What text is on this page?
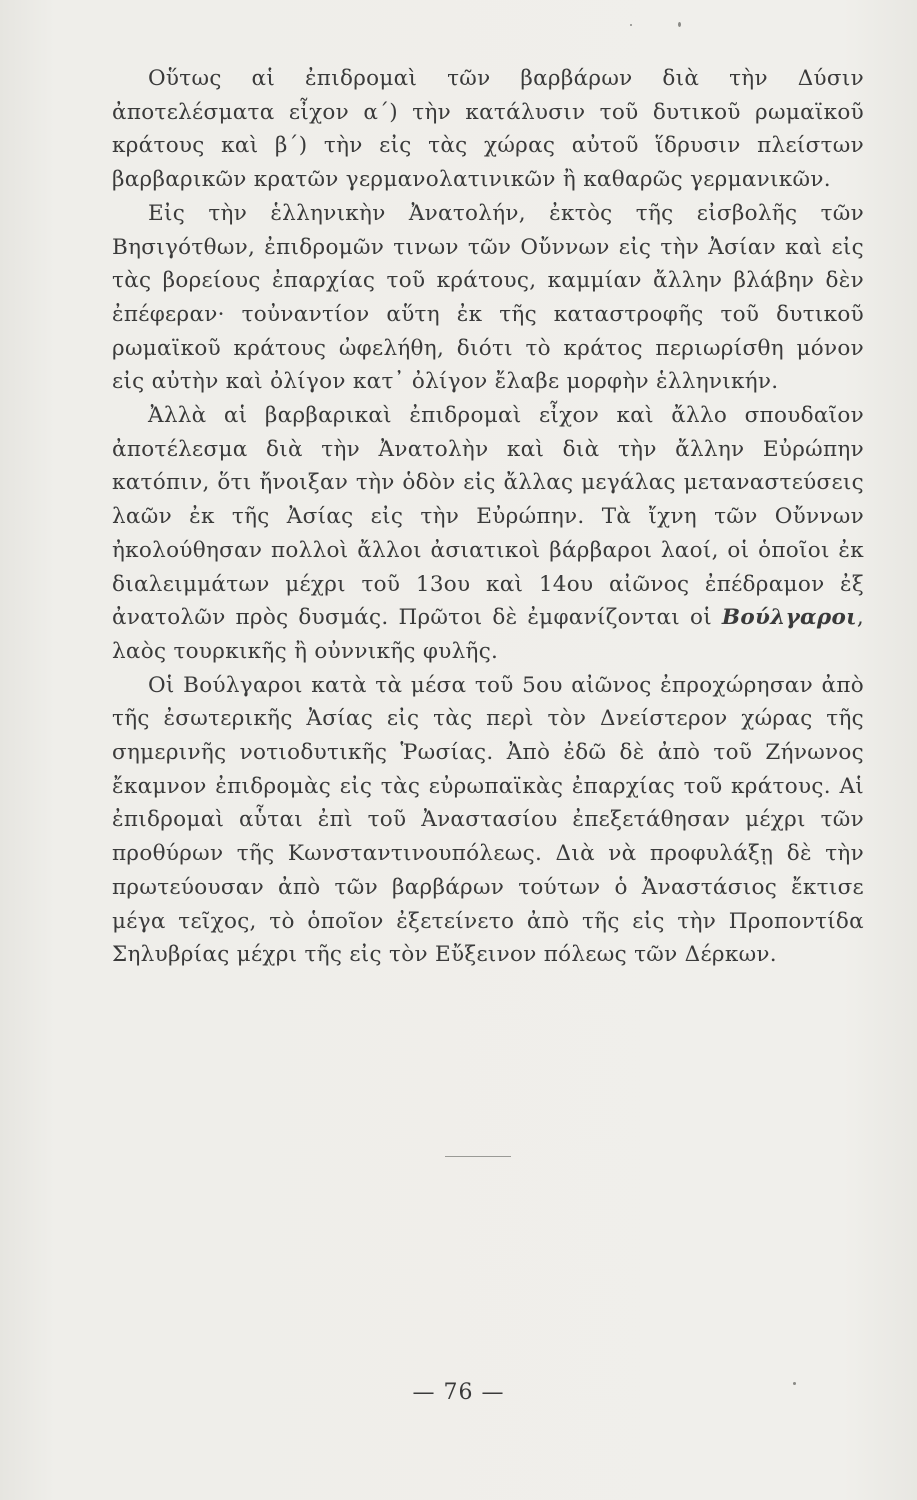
Οὕτως αἱ ἐπιδρομαὶ τῶν βαρβάρων διὰ τὴν Δύσιν ἀποτελέσματα εἶχον α΄) τὴν κατάλυσιν τοῦ δυτικοῦ ρωμαϊκοῦ κράτους καὶ β΄) τὴν εἰς τὰς χώρας αὐτοῦ ἵδρυσιν πλείστων βαρβαρικῶν κρατῶν γερμανολατινικῶν ἢ καθαρῶς γερμανικῶν.

Εἰς τὴν ἑλληνικὴν Ἀνατολήν, ἐκτὸς τῆς εἰσβολῆς τῶν Βησιγότθων, ἐπιδρομῶν τινων τῶν Οὔννων εἰς τὴν Ἀσίαν καὶ εἰς τὰς βορείους ἐπαρχίας τοῦ κράτους, καμμίαν ἄλλην βλάβην δὲν ἐπέφεραν· τοὐναντίον αὕτη ἐκ τῆς καταστροφῆς τοῦ δυτικοῦ ρωμαϊκοῦ κράτους ὠφελήθη, διότι τὸ κράτος περιωρίσθη μόνον εἰς αὐτὴν καὶ ὀλίγον κατ᾽ ὀλίγον ἔλαβε μορφὴν ἑλληνικήν.

Ἀλλὰ αἱ βαρβαρικαὶ ἐπιδρομαὶ εἶχον καὶ ἄλλο σπουδαῖον ἀποτέλεσμα διὰ τὴν Ἀνατολὴν καὶ διὰ τὴν ἄλλην Εὐρώπην κατόπιν, ὅτι ἤνοιξαν τὴν ὁδὸν εἰς ἄλλας μεγάλας μεταναστεύσεις λαῶν ἐκ τῆς Ἀσίας εἰς τὴν Εὐρώπην. Τὰ ἴχνη τῶν Οὔννων ἠκολούθησαν πολλοὶ ἄλλοι ἀσιατικοὶ βάρβαροι λαοί, οἱ ὁποῖοι ἐκ διαλειμμάτων μέχρι τοῦ 13ου καὶ 14ου αἰῶνος ἐπέδραμον ἐξ ἀνατολῶν πρὸς δυσμάς. Πρῶτοι δὲ ἐμφανίζονται οἱ Βούλγαροι, λαὸς τουρκικῆς ἢ οὐννικῆς φυλῆς.

Οἱ Βούλγαροι κατὰ τὰ μέσα τοῦ 5ου αἰῶνος ἐπροχώρησαν ἀπὸ τῆς ἐσωτερικῆς Ἀσίας εἰς τὰς περὶ τὸν Δνείστερον χώρας τῆς σημερινῆς νοτιοδυτικῆς Ῥωσίας. Ἀπὸ ἐδῶ δὲ ἀπὸ τοῦ Ζήνωνος ἔκαμνον ἐπιδρομὰς εἰς τὰς εὐρωπαϊκὰς ἐπαρχίας τοῦ κράτους. Αἱ ἐπιδρομαὶ αὗται ἐπὶ τοῦ Ἀναστασίου ἐπεξετάθησαν μέχρι τῶν προθύρων τῆς Κωνσταντινουπόλεως. Διὰ νὰ προφυλάξῃ δὲ τὴν πρωτεύουσαν ἀπὸ τῶν βαρβάρων τούτων ὁ Ἀναστάσιος ἔκτισε μέγα τεῖχος, τὸ ὁποῖον ἐξετείνετο ἀπὸ τῆς εἰς τὴν Προποντίδα Σηλυβρίας μέχρι τῆς εἰς τὸν Εὔξεινον πόλεως τῶν Δέρκων.

— 76 —
